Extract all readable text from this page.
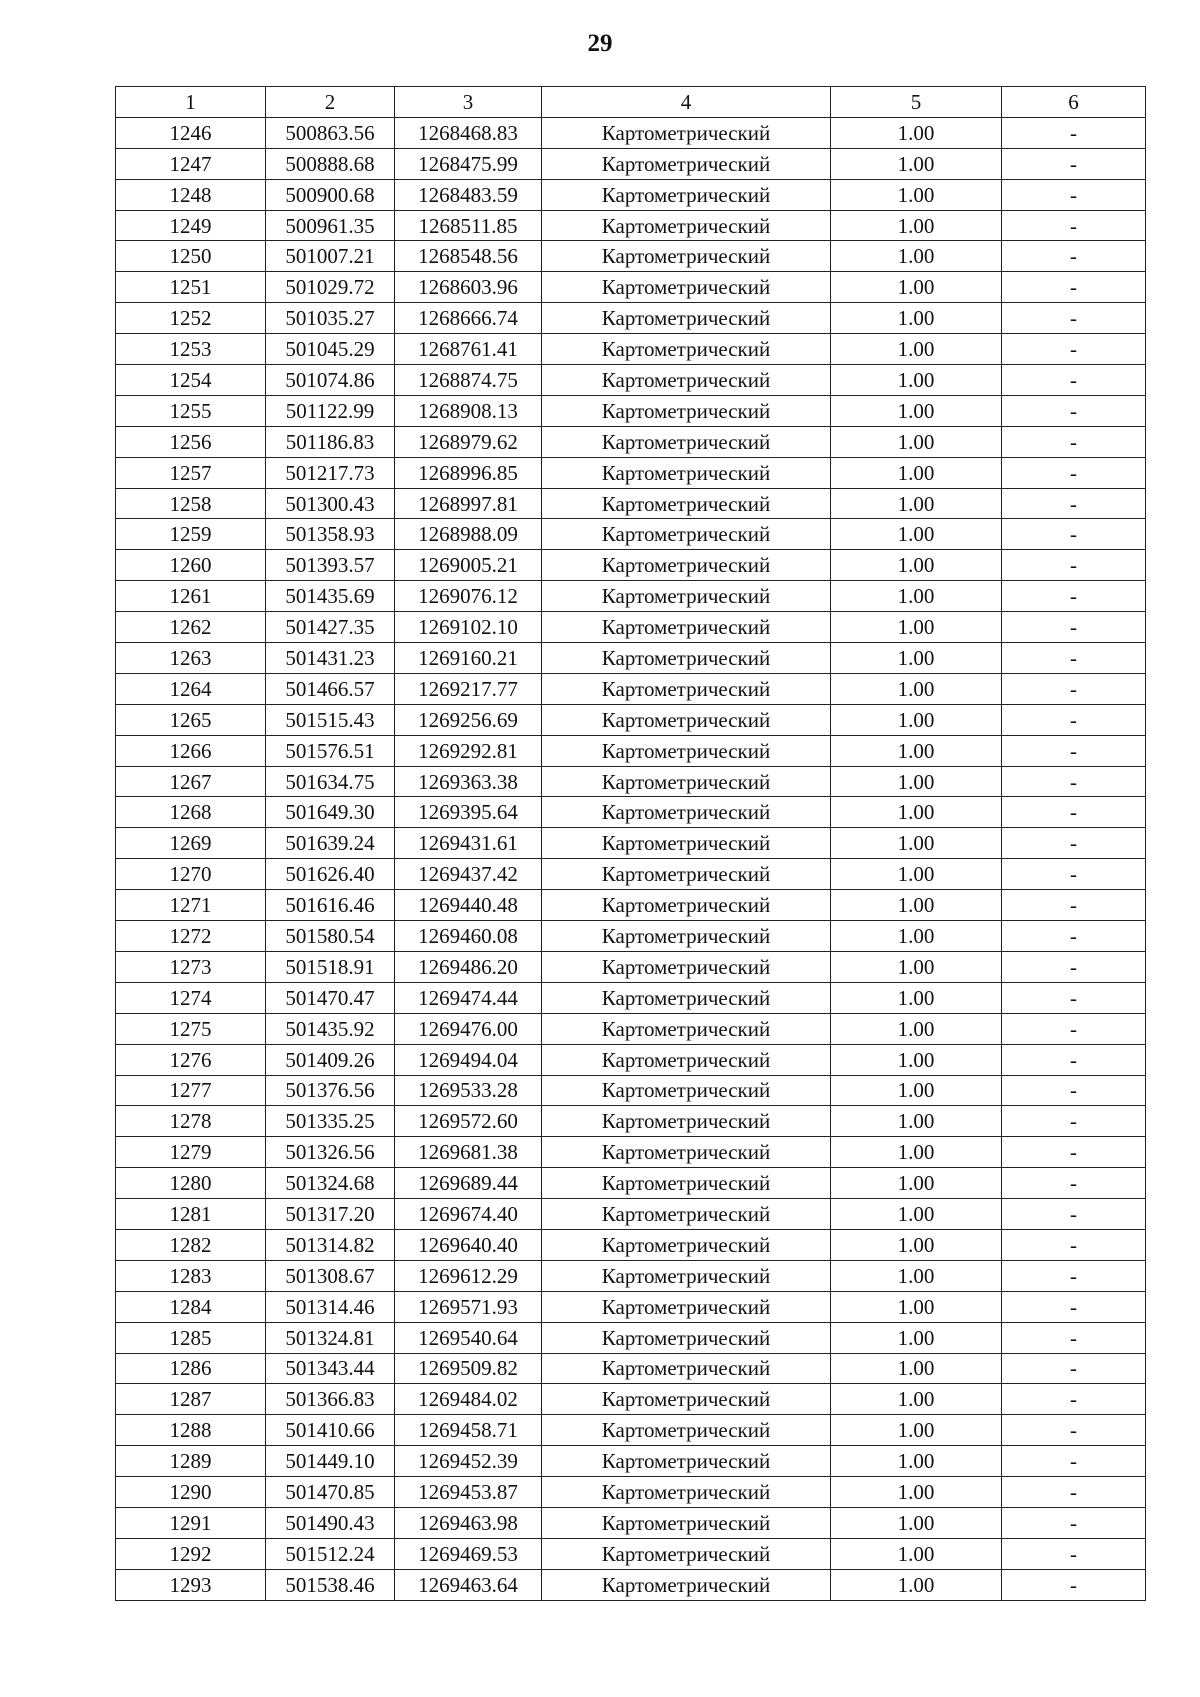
29
1	2	3	4	5	6
1246	500863.56	1268468.83	Картометрический	1.00	-
1247	500888.68	1268475.99	Картометрический	1.00	-
1248	500900.68	1268483.59	Картометрический	1.00	-
1249	500961.35	1268511.85	Картометрический	1.00	-
1250	501007.21	1268548.56	Картометрический	1.00	-
1251	501029.72	1268603.96	Картометрический	1.00	-
1252	501035.27	1268666.74	Картометрический	1.00	-
1253	501045.29	1268761.41	Картометрический	1.00	-
1254	501074.86	1268874.75	Картометрический	1.00	-
1255	501122.99	1268908.13	Картометрический	1.00	-
1256	501186.83	1268979.62	Картометрический	1.00	-
1257	501217.73	1268996.85	Картометрический	1.00	-
1258	501300.43	1268997.81	Картометрический	1.00	-
1259	501358.93	1268988.09	Картометрический	1.00	-
1260	501393.57	1269005.21	Картометрический	1.00	-
1261	501435.69	1269076.12	Картометрический	1.00	-
1262	501427.35	1269102.10	Картометрический	1.00	-
1263	501431.23	1269160.21	Картометрический	1.00	-
1264	501466.57	1269217.77	Картометрический	1.00	-
1265	501515.43	1269256.69	Картометрический	1.00	-
1266	501576.51	1269292.81	Картометрический	1.00	-
1267	501634.75	1269363.38	Картометрический	1.00	-
1268	501649.30	1269395.64	Картометрический	1.00	-
1269	501639.24	1269431.61	Картометрический	1.00	-
1270	501626.40	1269437.42	Картометрический	1.00	-
1271	501616.46	1269440.48	Картометрический	1.00	-
1272	501580.54	1269460.08	Картометрический	1.00	-
1273	501518.91	1269486.20	Картометрический	1.00	-
1274	501470.47	1269474.44	Картометрический	1.00	-
1275	501435.92	1269476.00	Картометрический	1.00	-
1276	501409.26	1269494.04	Картометрический	1.00	-
1277	501376.56	1269533.28	Картометрический	1.00	-
1278	501335.25	1269572.60	Картометрический	1.00	-
1279	501326.56	1269681.38	Картометрический	1.00	-
1280	501324.68	1269689.44	Картометрический	1.00	-
1281	501317.20	1269674.40	Картометрический	1.00	-
1282	501314.82	1269640.40	Картометрический	1.00	-
1283	501308.67	1269612.29	Картометрический	1.00	-
1284	501314.46	1269571.93	Картометрический	1.00	-
1285	501324.81	1269540.64	Картометрический	1.00	-
1286	501343.44	1269509.82	Картометрический	1.00	-
1287	501366.83	1269484.02	Картометрический	1.00	-
1288	501410.66	1269458.71	Картометрический	1.00	-
1289	501449.10	1269452.39	Картометрический	1.00	-
1290	501470.85	1269453.87	Картометрический	1.00	-
1291	501490.43	1269463.98	Картометрический	1.00	-
1292	501512.24	1269469.53	Картометрический	1.00	-
1293	501538.46	1269463.64	Картометрический	1.00	-
